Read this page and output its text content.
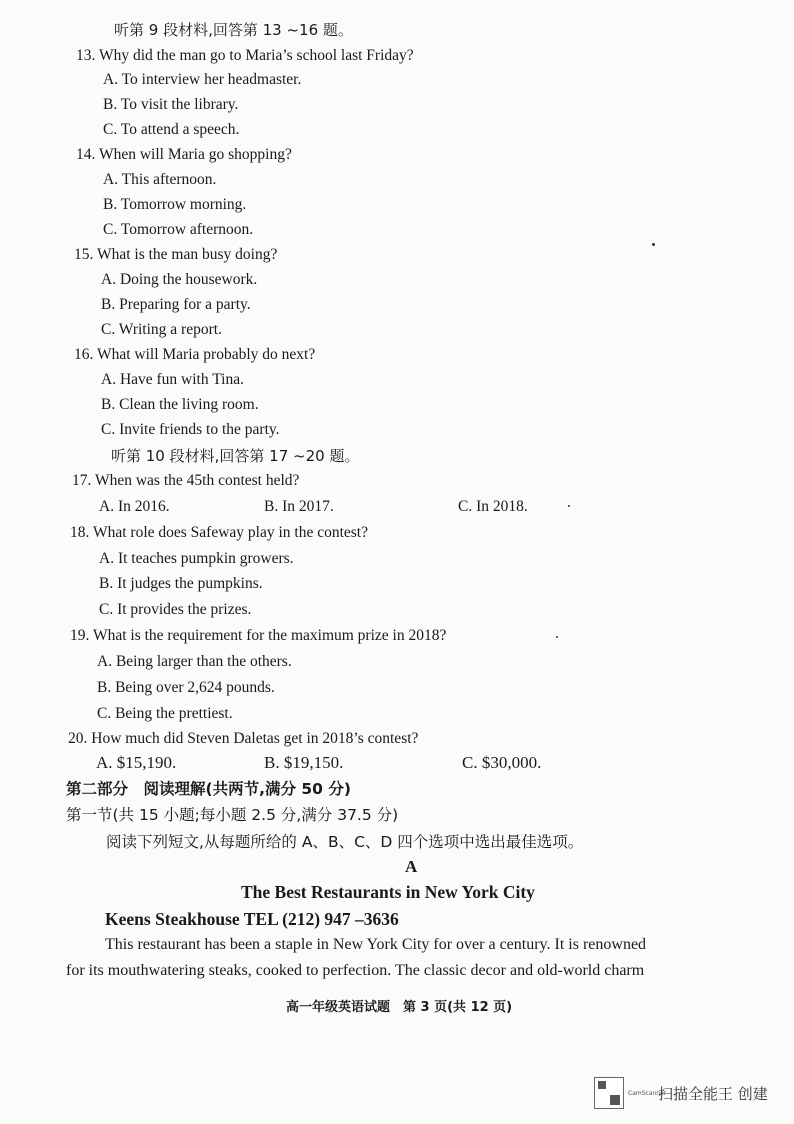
听第 9 段材料,回答第 13 ~16 题。
13. Why did the man go to Maria’s school last Friday?
A. To interview her headmaster.
B. To visit the library.
C. To attend a speech.
14. When will Maria go shopping?
A. This afternoon.
B. Tomorrow morning.
C. Tomorrow afternoon.
15. What is the man busy doing?
A. Doing the housework.
B. Preparing for a party.
C. Writing a report.
16. What will Maria probably do next?
A. Have fun with Tina.
B. Clean the living room.
C. Invite friends to the party.
听第 10 段材料,回答第 17 ~20 题。
17. When was the 45th contest held?
A. In 2016.	B. In 2017.	C. In 2018.
18. What role does Safeway play in the contest?
A. It teaches pumpkin growers.
B. It judges the pumpkins.
C. It provides the prizes.
19. What is the requirement for the maximum prize in 2018?
A. Being larger than the others.
B. Being over 2,624 pounds.
C. Being the prettiest.
20. How much did Steven Daletas get in 2018’s contest?
A. $15,190.	B. $19,150.	C. $30,000.
第二部分　阅读理解(共两节,满分 50 分)
第一节(共 15 小题;每小题 2.5 分,满分 37.5 分)
阅读下列短文,从每题所给的 A、B、C、D 四个选项中选出最佳选项。
A
The Best Restaurants in New York City
Keens Steakhouse TEL (212) 947 –3636
This restaurant has been a staple in New York City for over a century. It is renowned
for its mouthwatering steaks, cooked to perfection. The classic decor and old-world charm
高一年级英语试题　第 3 页(共 12 页)
CamScanner
扫描全能王 创建
